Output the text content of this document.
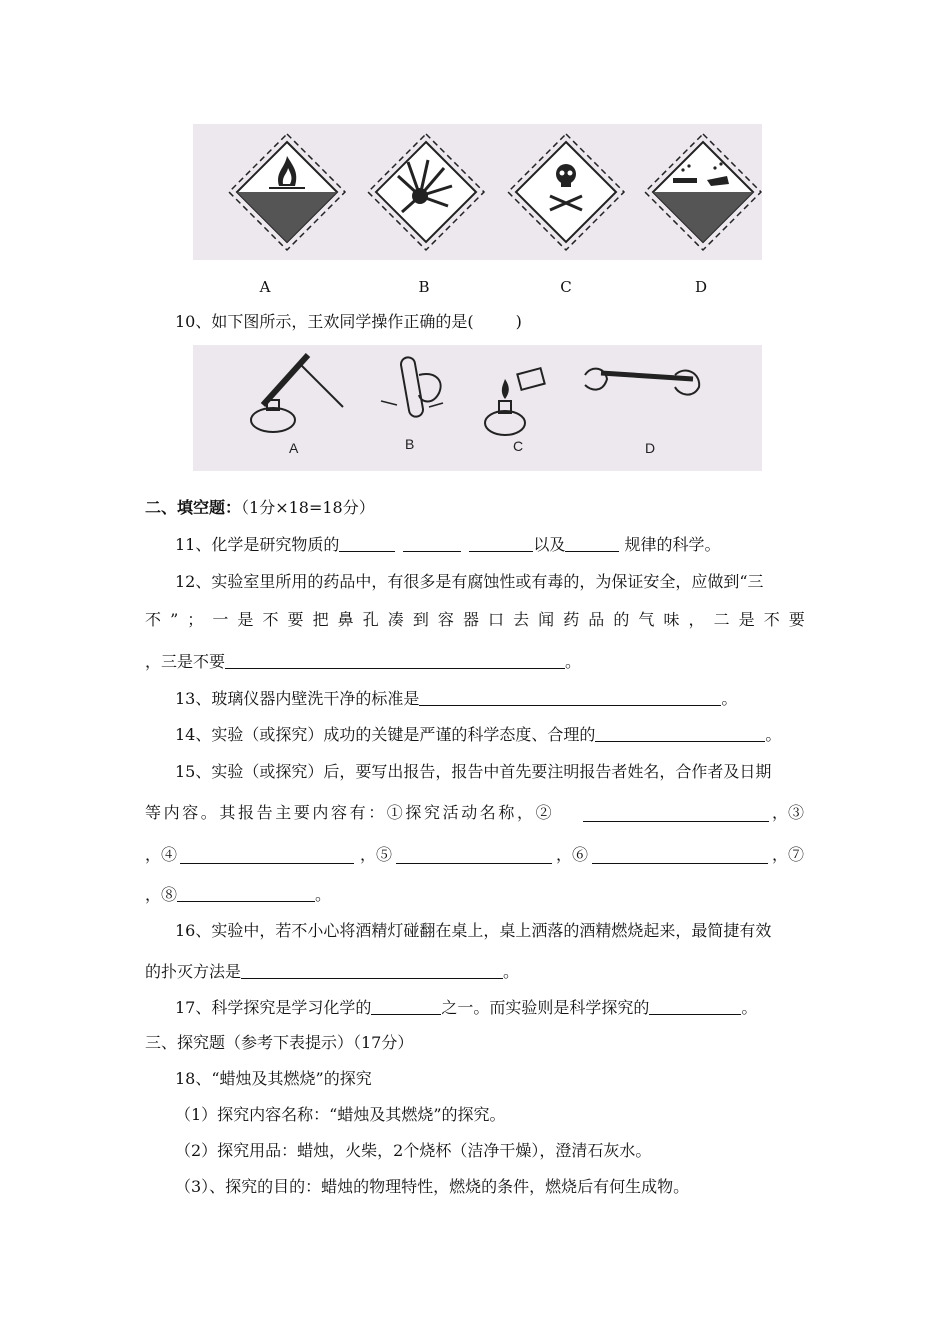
A	B	C	D
10、如下图所示，王欢同学操作正确的是(	)
A	B	C	D
二、填空题：（1分×18=18分）
11、化学是研究物质的	以及	规律的科学。
12、实验室里所用的药品中，有很多是有腐蚀性或有毒的，为保证安全，应做到“三
不 ” ； 一 是 不 要 把 鼻 孔 凑 到 容 器 口 去 闻 药 品 的 气 味 ， 二 是 不 要
，三是不要	。
13、玻璃仪器内壁洗干净的标准是	。
14、实验（或探究）成功的关键是严谨的科学态度、合理的	。
15、实验（或探究）后，要写出报告，报告中首先要注明报告者姓名，合作者及日期
等内容。其报告主要内容有：①探究活动名称，②	，③
，④	，⑤	，⑥	，⑦
，⑧	。
16、实验中，若不小心将酒精灯碰翻在桌上，桌上洒落的酒精燃烧起来，最简捷有效
的扑灭方法是	。
17、科学探究是学习化学的	之一。而实验则是科学探究的	。
三、探究题（参考下表提示）（17分）
18、“蜡烛及其燃烧”的探究
（1）探究内容名称：“蜡烛及其燃烧”的探究。
（2）探究用品：蜡烛，火柴，2个烧杯（洁净干燥），澄清石灰水。
（3）、探究的目的：蜡烛的物理特性，燃烧的条件，燃烧后有何生成物。
